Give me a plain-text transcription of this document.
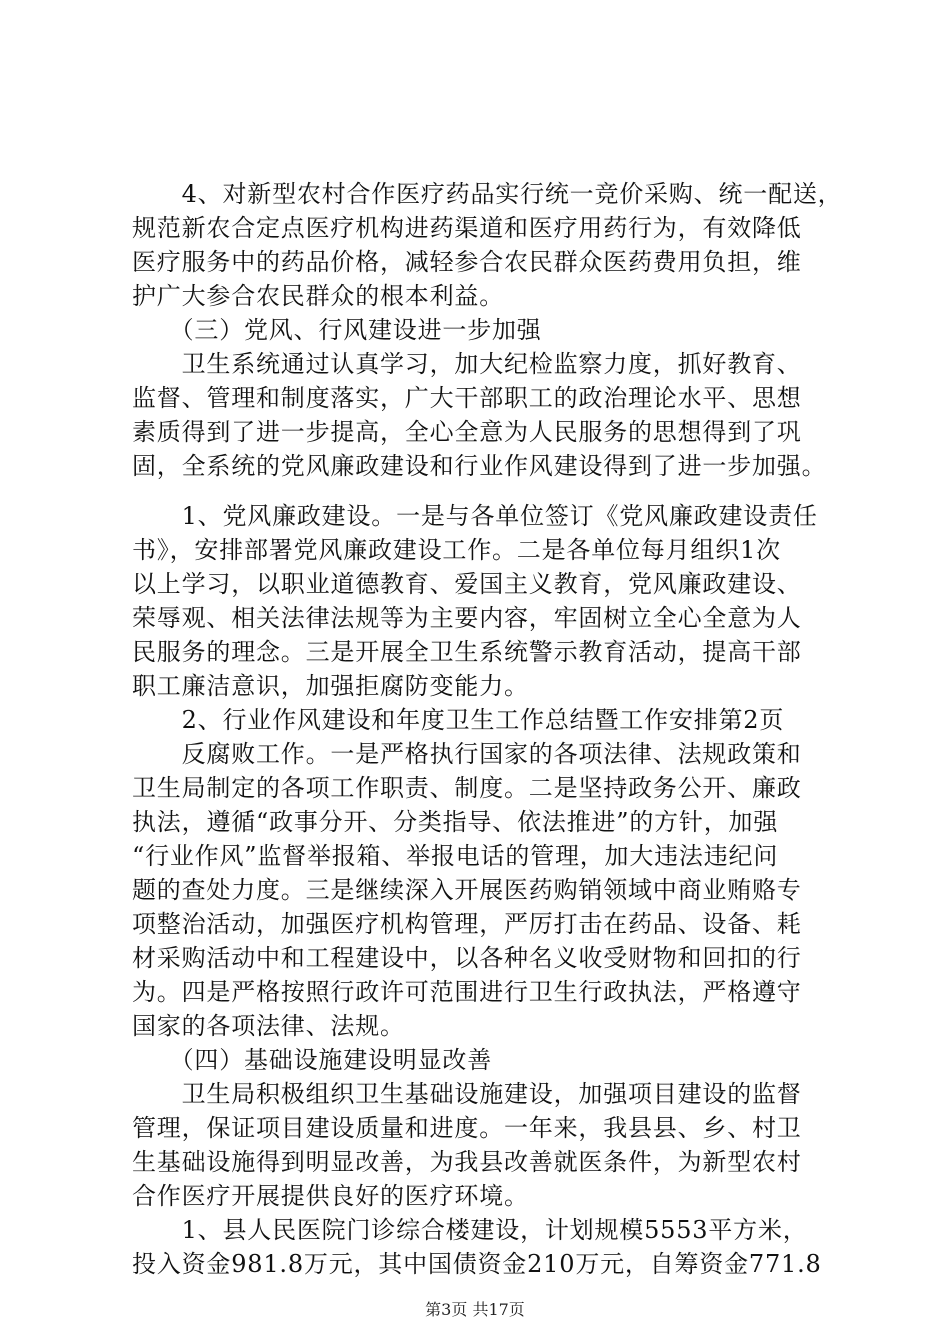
　　4、对新型农村合作医疗药品实行统一竞价采购、统一配送，
规范新农合定点医疗机构进药渠道和医疗用药行为，有效降低
医疗服务中的药品价格，减轻参合农民群众医药费用负担，维
护广大参合农民群众的根本利益。
　　（三）党风、行风建设进一步加强
　　卫生系统通过认真学习，加大纪检监察力度，抓好教育、
监督、管理和制度落实，广大干部职工的政治理论水平、思想
素质得到了进一步提高，全心全意为人民服务的思想得到了巩
固，全系统的党风廉政建设和行业作风建设得到了进一步加强。
　　1、党风廉政建设。一是与各单位签订《党风廉政建设责任
书》，安排部署党风廉政建设工作。二是各单位每月组织1次
以上学习，以职业道德教育、爱国主义教育，党风廉政建设、
荣辱观、相关法律法规等为主要内容，牢固树立全心全意为人
民服务的理念。三是开展全卫生系统警示教育活动，提高干部
职工廉洁意识，加强拒腐防变能力。
　　2、行业作风建设和年度卫生工作总结暨工作安排第2页
　　反腐败工作。一是严格执行国家的各项法律、法规政策和
卫生局制定的各项工作职责、制度。二是坚持政务公开、廉政
执法，遵循“政事分开、分类指导、依法推进”的方针，加强
“行业作风”监督举报箱、举报电话的管理，加大违法违纪问
题的查处力度。三是继续深入开展医药购销领域中商业贿赂专
项整治活动，加强医疗机构管理，严厉打击在药品、设备、耗
材采购活动中和工程建设中，以各种名义收受财物和回扣的行
为。四是严格按照行政许可范围进行卫生行政执法，严格遵守
国家的各项法律、法规。
　　（四）基础设施建设明显改善
　　卫生局积极组织卫生基础设施建设，加强项目建设的监督
管理，保证项目建设质量和进度。一年来，我县县、乡、村卫
生基础设施得到明显改善，为我县改善就医条件，为新型农村
合作医疗开展提供良好的医疗环境。
　　1、县人民医院门诊综合楼建设，计划规模5553平方米，
投入资金981.8万元，其中国债资金210万元，自筹资金771.8
第3页 共17页
